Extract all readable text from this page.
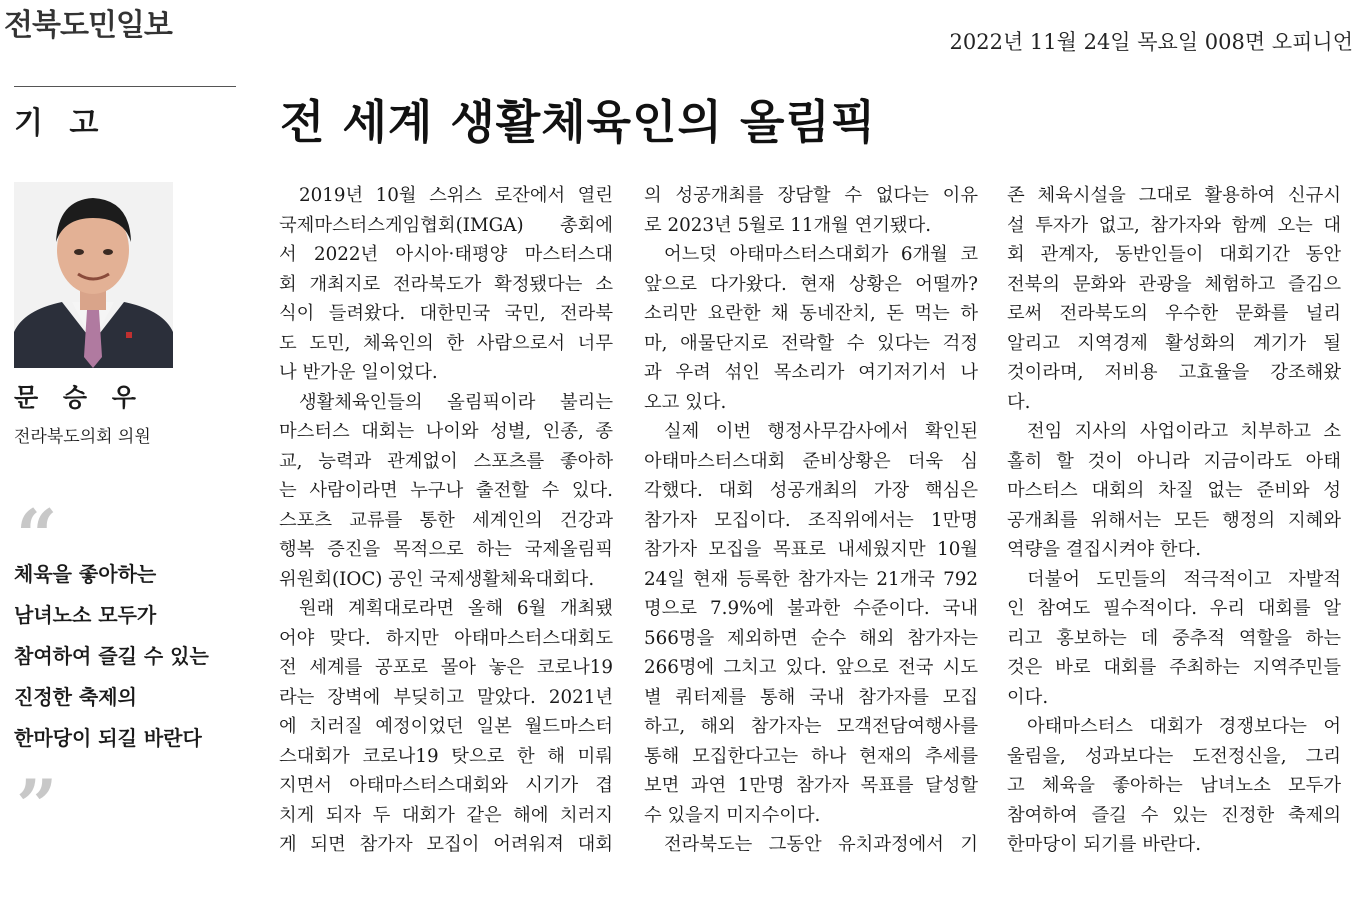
전북도민일보	2022년 11월 24일 목요일 008면 오피니언
기 고	전 세계 생활체육인의 올림픽
문 승 우
전라북도의회 의원
“
체육을 좋아하는
남녀노소 모두가
참여하여 즐길 수 있는
진정한 축제의
한마당이 되길 바란다
”
2019년 10월 스위스 로잔에서 열린
국제마스터스게임협회(IMGA) 총회에
서 2022년 아시아·태평양 마스터스대
회 개최지로 전라북도가 확정됐다는 소
식이 들려왔다. 대한민국 국민, 전라북
도 도민, 체육인의 한 사람으로서 너무
나 반가운 일이었다.
생활체육인들의 올림픽이라 불리는
마스터스 대회는 나이와 성별, 인종, 종
교, 능력과 관계없이 스포츠를 좋아하
는 사람이라면 누구나 출전할 수 있다.
스포츠 교류를 통한 세계인의 건강과
행복 증진을 목적으로 하는 국제올림픽
위원회(IOC) 공인 국제생활체육대회다.
원래 계획대로라면 올해 6월 개최됐
어야 맞다. 하지만 아태마스터스대회도
전 세계를 공포로 몰아 놓은 코로나19
라는 장벽에 부딪히고 말았다. 2021년
에 치러질 예정이었던 일본 월드마스터
스대회가 코로나19 탓으로 한 해 미뤄
지면서 아태마스터스대회와 시기가 겹
치게 되자 두 대회가 같은 해에 치러지
게 되면 참가자 모집이 어려워져 대회
의 성공개최를 장담할 수 없다는 이유
로 2023년 5월로 11개월 연기됐다.
어느덧 아태마스터스대회가 6개월 코
앞으로 다가왔다. 현재 상황은 어떨까?
소리만 요란한 채 동네잔치, 돈 먹는 하
마, 애물단지로 전락할 수 있다는 걱정
과 우려 섞인 목소리가 여기저기서 나
오고 있다.
실제 이번 행정사무감사에서 확인된
아태마스터스대회 준비상황은 더욱 심
각했다. 대회 성공개최의 가장 핵심은
참가자 모집이다. 조직위에서는 1만명
참가자 모집을 목표로 내세웠지만 10월
24일 현재 등록한 참가자는 21개국 792
명으로 7.9%에 불과한 수준이다. 국내
566명을 제외하면 순수 해외 참가자는
266명에 그치고 있다. 앞으로 전국 시도
별 쿼터제를 통해 국내 참가자를 모집
하고, 해외 참가자는 모객전담여행사를
통해 모집한다고는 하나 현재의 추세를
보면 과연 1만명 참가자 목표를 달성할
수 있을지 미지수이다.
전라북도는 그동안 유치과정에서 기
존 체육시설을 그대로 활용하여 신규시
설 투자가 없고, 참가자와 함께 오는 대
회 관계자, 동반인들이 대회기간 동안
전북의 문화와 관광을 체험하고 즐김으
로써 전라북도의 우수한 문화를 널리
알리고 지역경제 활성화의 계기가 될
것이라며, 저비용 고효율을 강조해왔
다.
전임 지사의 사업이라고 치부하고 소
홀히 할 것이 아니라 지금이라도 아태
마스터스 대회의 차질 없는 준비와 성
공개최를 위해서는 모든 행정의 지혜와
역량을 결집시켜야 한다.
더불어 도민들의 적극적이고 자발적
인 참여도 필수적이다. 우리 대회를 알
리고 홍보하는 데 중추적 역할을 하는
것은 바로 대회를 주최하는 지역주민들
이다.
아태마스터스 대회가 경쟁보다는 어
울림을, 성과보다는 도전정신을, 그리
고 체육을 좋아하는 남녀노소 모두가
참여하여 즐길 수 있는 진정한 축제의
한마당이 되기를 바란다.
